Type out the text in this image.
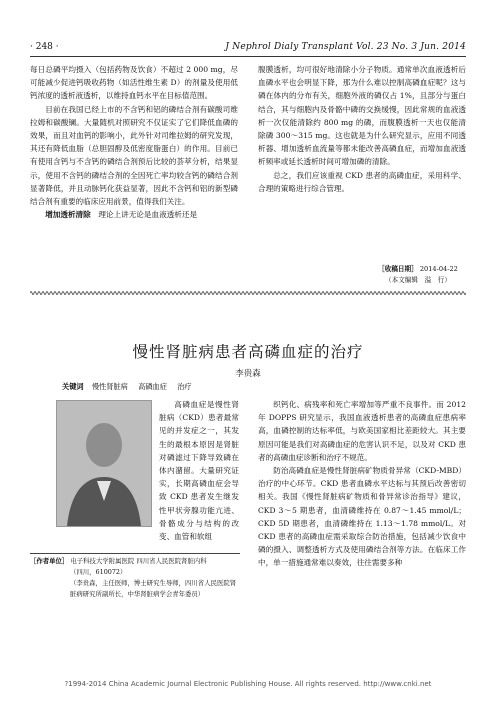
· 248 ·	J Nephrol Dialy Transplant Vol. 23 No. 3 Jun. 2014

每日总磷平均摄入（包括药物及饮食）不超过 2 000 mg，尽可能减少促进钙吸收药物（如活性维生素 D）的剂量及使用低钙浓度的透析液透析，以维持血钙水平在目标值范围。

目前在我国已经上市的不含钙和铝的磷结合剂有碳酸司维拉姆和碳酸镧。大量随机对照研究不仅证实了它们降低血磷的效果，而且对血钙的影响小，此外针对司维拉姆的研究发现，其还有降低血脂（总胆固醇及低密度脂蛋白）的作用。目前已有使用含钙与不含钙的磷结合剂预后比较的荟萃分析，结果显示，使用不含钙的磷结合剂的全因死亡率均较含钙的磷结合剂显著降低，并且动脉钙化获益显著，因此不含钙和铝的新型磷结合剂有重要的临床应用前景，值得我们关注。

增加透析清除　 理论上讲无论是血液透析还是

腹膜透析，均可很好地清除小分子物质。通常单次血液透析后血磷水平也会明显下降，那为什么难以控制高磷血症呢？这与磷在体内的分布有关，细胞外液的磷仅占 1%，且部分与蛋白结合，其与细胞内及骨骼中磷的交换缓慢，因此常规的血液透析一次仅能清除约 800 mg 的磷，而腹膜透析一天也仅能清除磷 300～315 mg。这也就是为什么研究显示，应用不同透析器、增加透析血流量等都未能改善高磷血症，而增加血液透析频率或延长透析时间可增加磷的清除。

总之，我们应该重视 CKD 患者的高磷血症，采用科学、合理的策略进行综合管理。

［收稿日期］ 2014-04-22
（本文编辑　溢　行）
慢性肾脏病患者高磷血症的治疗
李贵森
关键词 慢性肾脏病 高磷血症 治疗

高磷血症是慢性肾脏病（CKD）患者最常见的并发症之一，其发生的最根本原因是肾脏对磷滤过下降导致磷在体内潴留。大量研究证实，长期高磷血症会导致 CKD 患者发生继发性甲状旁腺功能亢进、骨骼成分与结构的改变、血管和软组

织钙化、病残率和死亡率增加等严重不良事件。而 2012 年 DOPPS 研究显示，我国血液透析患者的高磷血症患病率高，血磷控制的达标率低，与欧美国家相比差距较大。其主要原因可能是我们对高磷血症的危害认识不足，以及对 CKD 患者的高磷血症诊断和治疗不规范。

防治高磷血症是慢性肾脏病矿物质骨异常（CKD-MBD）治疗的中心环节。CKD 患者血磷水平达标与其预后改善密切相关。我国《慢性肾脏病矿物质和骨异常诊治指导》建议，CKD 3～5 期患者，血清磷维持在 0.87～1.45 mmol/L；CKD 5D 期患者，血清磷维持在 1.13～1.78 mmol/L。对 CKD 患者的高磷血症需采取综合防治措施，包括减少饮食中磷的摄入、调整透析方式及使用磷结合剂等方法。在临床工作中，单一措施通常难以奏效，往往需要多种

［作者单位］ 电子科技大学附属医院 四川省人民医院肾脏内科
（四川，610072）
（李贵森，主任医师，博士研究生导师，四川省人民医院肾脏病研究所副所长，中华肾脏病学会青年委员）
?1994-2014 China Academic Journal Electronic Publishing House. All rights reserved. http://www.cnki.net
